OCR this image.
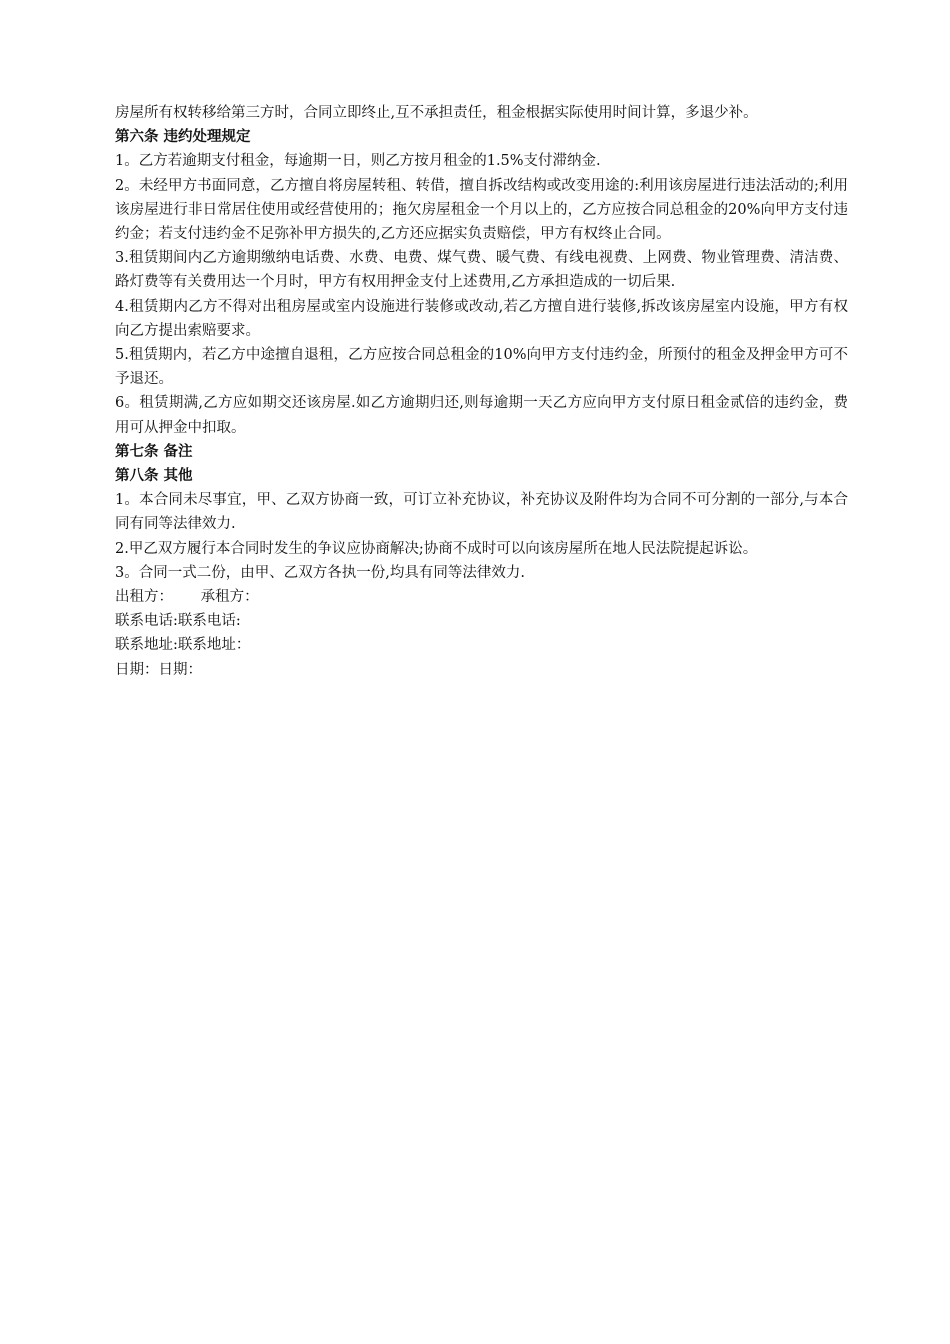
房屋所有权转移给第三方时，合同立即终止,互不承担责任，租金根据实际使用时间计算，多退少补。

第六条 违约处理规定

1。乙方若逾期支付租金，每逾期一日，则乙方按月租金的1.5%支付滞纳金.

2。未经甲方书面同意，乙方擅自将房屋转租、转借，擅自拆改结构或改变用途的:利用该房屋进行违法活动的;利用该房屋进行非日常居住使用或经营使用的；拖欠房屋租金一个月以上的，乙方应按合同总租金的20%向甲方支付违约金；若支付违约金不足弥补甲方损失的,乙方还应据实负责赔偿，甲方有权终止合同。

3.租赁期间内乙方逾期缴纳电话费、水费、电费、煤气费、暖气费、有线电视费、上网费、物业管理费、清洁费、路灯费等有关费用达一个月时，甲方有权用押金支付上述费用,乙方承担造成的一切后果.

4.租赁期内乙方不得对出租房屋或室内设施进行装修或改动,若乙方擅自进行装修,拆改该房屋室内设施，甲方有权向乙方提出索赔要求。

5.租赁期内，若乙方中途擅自退租，乙方应按合同总租金的10%向甲方支付违约金，所预付的租金及押金甲方可不予退还。

6。租赁期满,乙方应如期交还该房屋.如乙方逾期归还,则每逾期一天乙方应向甲方支付原日租金贰倍的违约金，费用可从押金中扣取。

第七条 备注

第八条 其他

1。本合同未尽事宜，甲、乙双方协商一致，可订立补充协议，补充协议及附件均为合同不可分割的一部分,与本合同有同等法律效力.

2.甲乙双方履行本合同时发生的争议应协商解决;协商不成时可以向该房屋所在地人民法院提起诉讼。

3。合同一式二份，由甲、乙双方各执一份,均具有同等法律效力.

出租方： 承租方：

联系电话:联系电话:

联系地址:联系地址：

日期：日期：
